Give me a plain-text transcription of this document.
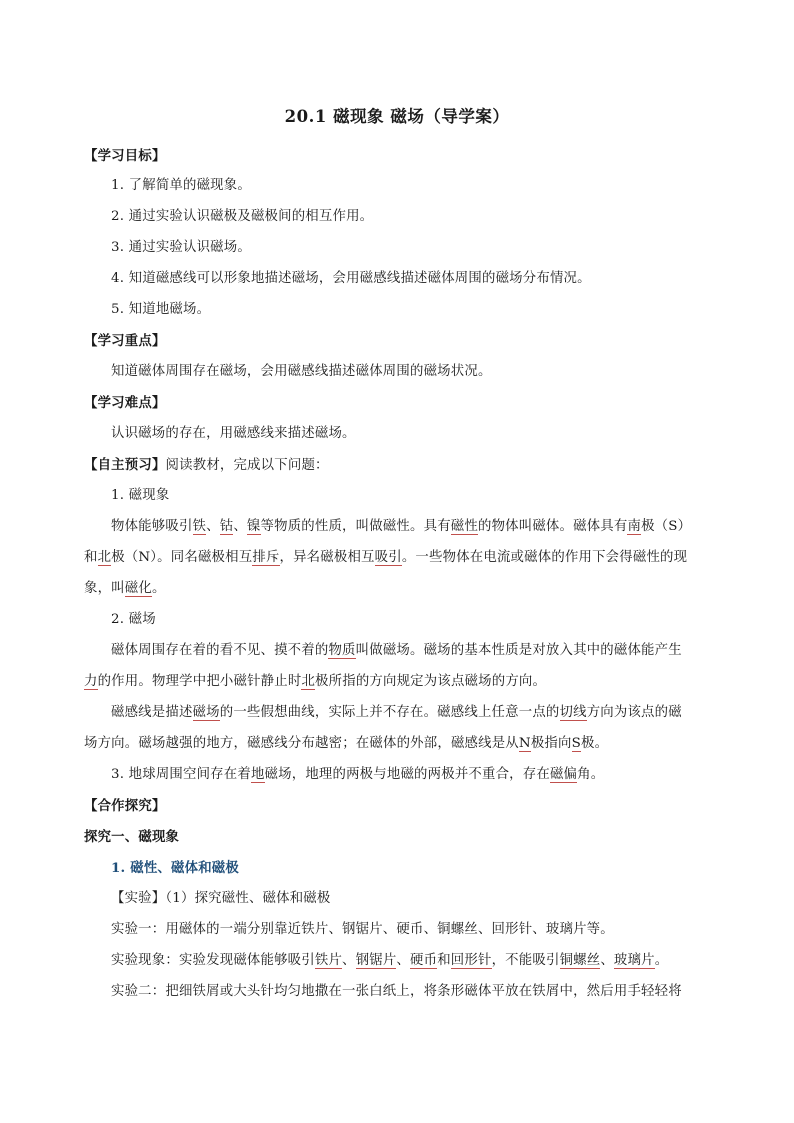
20.1 磁现象 磁场（导学案）
【学习目标】
1. 了解简单的磁现象。
2. 通过实验认识磁极及磁极间的相互作用。
3. 通过实验认识磁场。
4. 知道磁感线可以形象地描述磁场，会用磁感线描述磁体周围的磁场分布情况。
5. 知道地磁场。
【学习重点】
知道磁体周围存在磁场，会用磁感线描述磁体周围的磁场状况。
【学习难点】
认识磁场的存在，用磁感线来描述磁场。
【自主预习】阅读教材，完成以下问题：
1. 磁现象
物体能够吸引铁、钴、镍等物质的性质，叫做磁性。具有磁性的物体叫磁体。磁体具有南极（S）
和北极（N）。同名磁极相互排斥，异名磁极相互吸引。一些物体在电流或磁体的作用下会得磁性的现
象，叫磁化。
2. 磁场
磁体周围存在着的看不见、摸不着的物质叫做磁场。磁场的基本性质是对放入其中的磁体能产生
力的作用。物理学中把小磁针静止时北极所指的方向规定为该点磁场的方向。
磁感线是描述磁场的一些假想曲线，实际上并不存在。磁感线上任意一点的切线方向为该点的磁
场方向。磁场越强的地方，磁感线分布越密；在磁体的外部，磁感线是从N极指向S极。
3. 地球周围空间存在着地磁场，地理的两极与地磁的两极并不重合，存在磁偏角。
【合作探究】
探究一、磁现象
1. 磁性、磁体和磁极
【实验】（1）探究磁性、磁体和磁极
实验一：用磁体的一端分别靠近铁片、钢锯片、硬币、铜螺丝、回形针、玻璃片等。
实验现象：实验发现磁体能够吸引铁片、钢锯片、硬币和回形针，不能吸引铜螺丝、玻璃片。
实验二：把细铁屑或大头针均匀地撒在一张白纸上，将条形磁体平放在铁屑中，然后用手轻轻将
